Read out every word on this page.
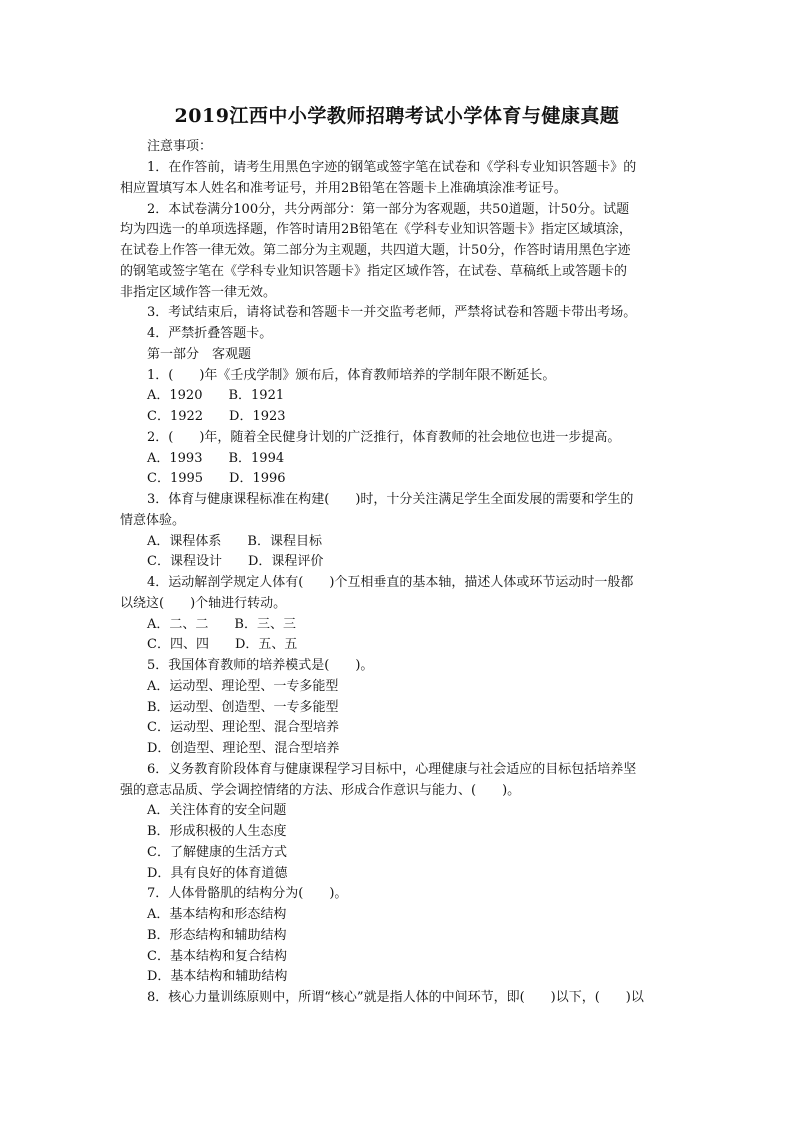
2019江西中小学教师招聘考试小学体育与健康真题
注意事项：
1．在作答前，请考生用黑色字迹的钢笔或签字笔在试卷和《学科专业知识答题卡》的
相应置填写本人姓名和准考证号，并用2B铅笔在答题卡上准确填涂准考证号。
2．本试卷满分100分，共分两部分：第一部分为客观题，共50道题，计50分。试题
均为四选一的单项选择题，作答时请用2B铅笔在《学科专业知识答题卡》指定区域填涂，
在试卷上作答一律无效。第二部分为主观题，共四道大题，计50分，作答时请用黑色字迹
的钢笔或签字笔在《学科专业知识答题卡》指定区域作答，在试卷、草稿纸上或答题卡的
非指定区域作答一律无效。
3．考试结束后，请将试卷和答题卡一并交监考老师，严禁将试卷和答题卡带出考场。
4．严禁折叠答题卡。
第一部分　客观题
1．(　　)年《壬戌学制》颁布后，体育教师培养的学制年限不断延长。
A．1920　　B．1921
C．1922　　D．1923
2．(　　)年，随着全民健身计划的广泛推行，体育教师的社会地位也进一步提高。
A．1993　　B．1994
C．1995　　D．1996
3．体育与健康课程标准在构建(　　)时，十分关注满足学生全面发展的需要和学生的
情意体验。
A．课程体系　　B．课程目标
C．课程设计　　D．课程评价
4．运动解剖学规定人体有(　　)个互相垂直的基本轴，描述人体或环节运动时一般都
以绕这(　　)个轴进行转动。
A．二、二　　B．三、三
C．四、四　　D．五、五
5．我国体育教师的培养模式是(　　)。
A．运动型、理论型、一专多能型
B．运动型、创造型、一专多能型
C．运动型、理论型、混合型培养
D．创造型、理论型、混合型培养
6．义务教育阶段体育与健康课程学习目标中，心理健康与社会适应的目标包括培养坚
强的意志品质、学会调控情绪的方法、形成合作意识与能力、(　　)。
A．关注体育的安全问题
B．形成积极的人生态度
C．了解健康的生活方式
D．具有良好的体育道德
7．人体骨骼肌的结构分为(　　)。
A．基本结构和形态结构
B．形态结构和辅助结构
C．基本结构和复合结构
D．基本结构和辅助结构
8．核心力量训练原则中，所谓“核心”就是指人体的中间环节，即(　　)以下，(　　)以
